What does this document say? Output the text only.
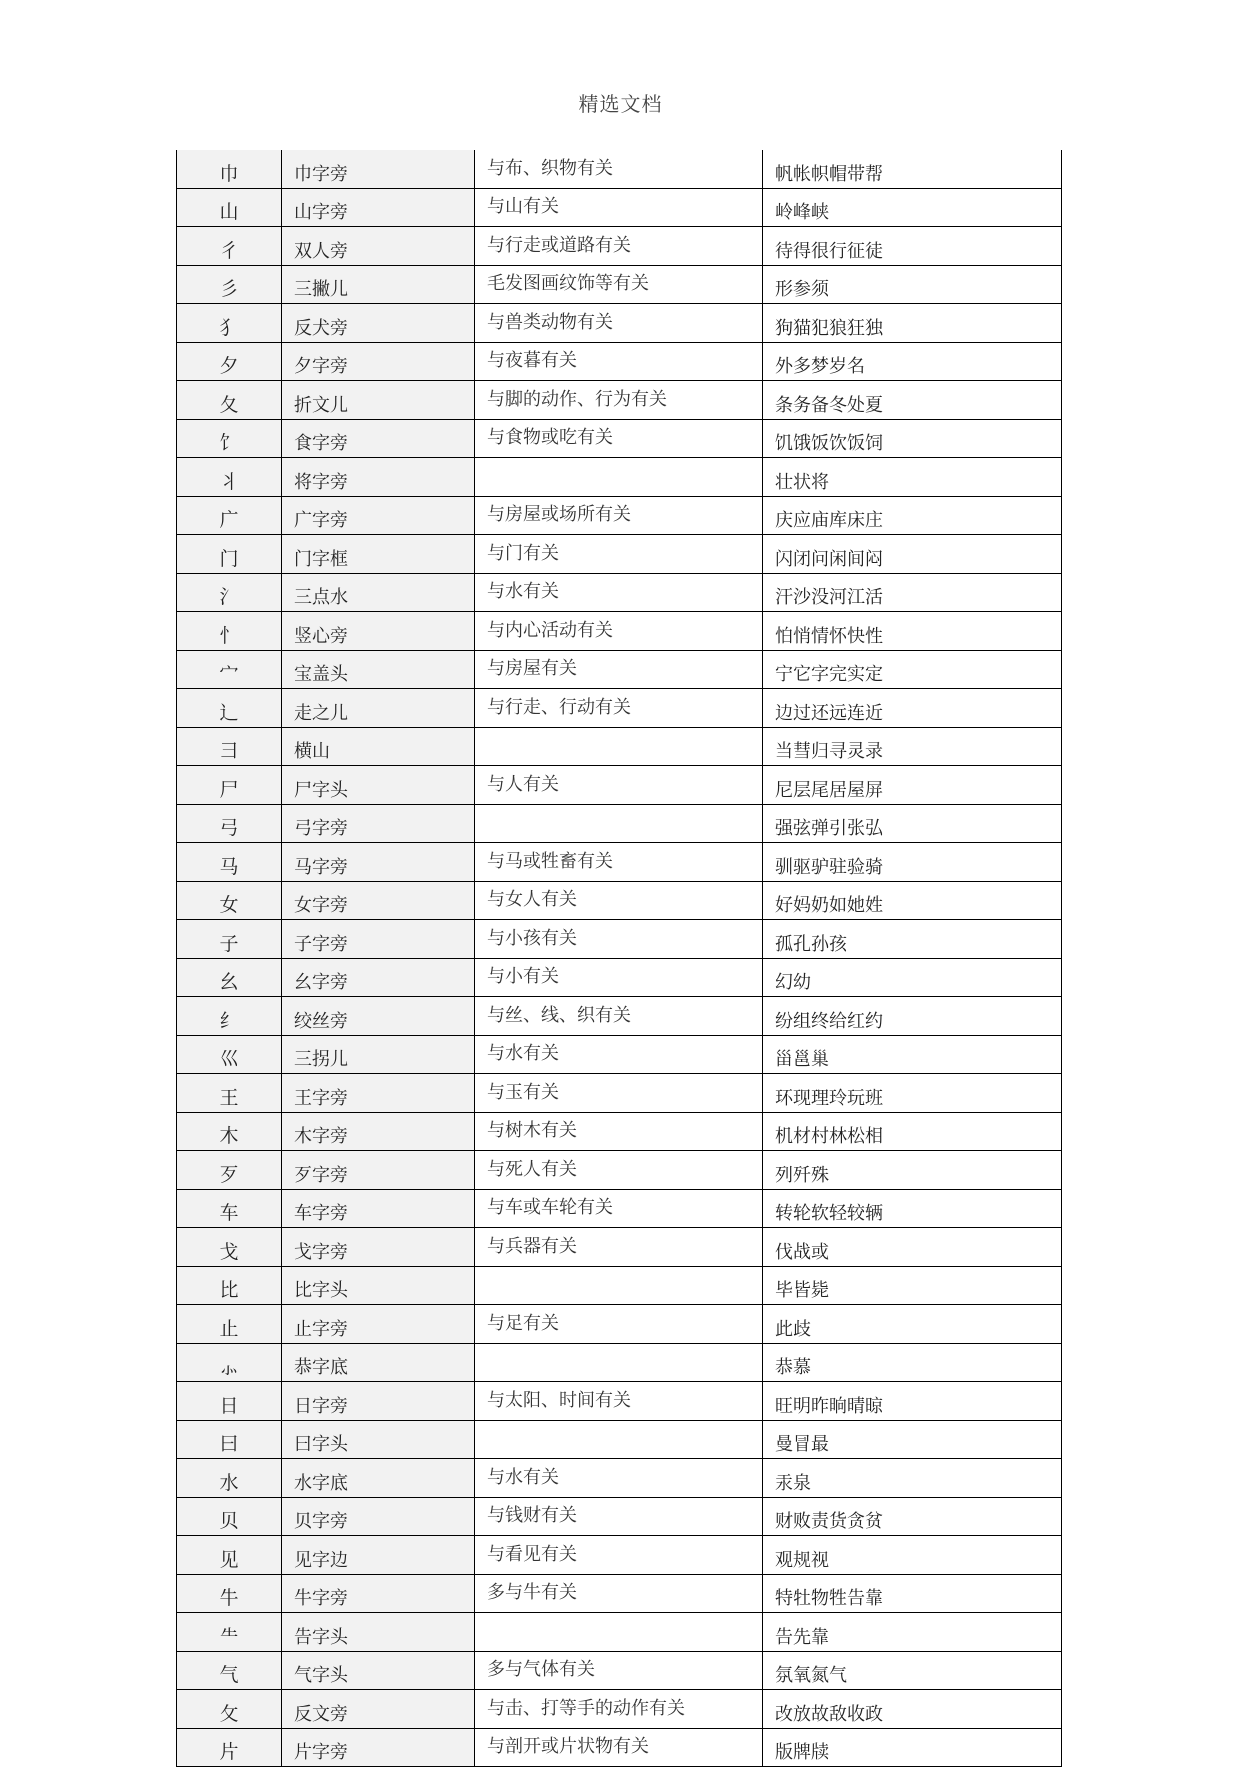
精选文档
巾	巾字旁	与布、织物有关	帆帐帜帽带帮
山	山字旁	与山有关	岭峰峡
彳	双人旁	与行走或道路有关	待得很行征徒
彡	三撇儿	毛发图画纹饰等有关	形参须
犭	反犬旁	与兽类动物有关	狗猫犯狼狂独
夕	夕字旁	与夜暮有关	外多梦岁名
夂	折文儿	与脚的动作、行为有关	条务备冬处夏
饣	食字旁	与食物或吃有关	饥饿饭饮饭饲
丬	将字旁		壮状将
广	广字旁	与房屋或场所有关	庆应庙库床庄
门	门字框	与门有关	闪闭问闲间闷
氵	三点水	与水有关	汗沙没河江活
忄	竖心旁	与内心活动有关	怕悄情怀快性
宀	宝盖头	与房屋有关	宁它字完实定
辶	走之儿	与行走、行动有关	边过还远连近
彐	横山		当彗归寻灵录
尸	尸字头	与人有关	尼层尾居屋屏
弓	弓字旁		强弦弹引张弘
马	马字旁	与马或牲畜有关	驯驱驴驻验骑
女	女字旁	与女人有关	好妈奶如她姓
子	子字旁	与小孩有关	孤孔孙孩
幺	幺字旁	与小有关	幻幼
纟	绞丝旁	与丝、线、织有关	纷组终给红约
巛	三拐儿	与水有关	甾邕巢
王	王字旁	与玉有关	环现理玲玩班
木	木字旁	与树木有关	机材村林松相
歹	歹字旁	与死人有关	列歼殊
车	车字旁	与车或车轮有关	转轮软轻较辆
戈	戈字旁	与兵器有关	伐战或
比	比字头		毕皆毙
止	止字旁	与足有关	此歧
⺗	恭字底		恭慕
日	日字旁	与太阳、时间有关	旺明昨晌晴晾
曰	曰字头		曼冒最
水	水字底	与水有关	汞泉
贝	贝字旁	与钱财有关	财败责货贪贫
见	见字边	与看见有关	观规视
牛	牛字旁	多与牛有关	特牡物牲告靠
⺧	告字头		告先靠
气	气字头	多与气体有关	氛氧氮气
攵	反文旁	与击、打等手的动作有关	改放故敌收政
片	片字旁	与剖开或片状物有关	版牌牍
